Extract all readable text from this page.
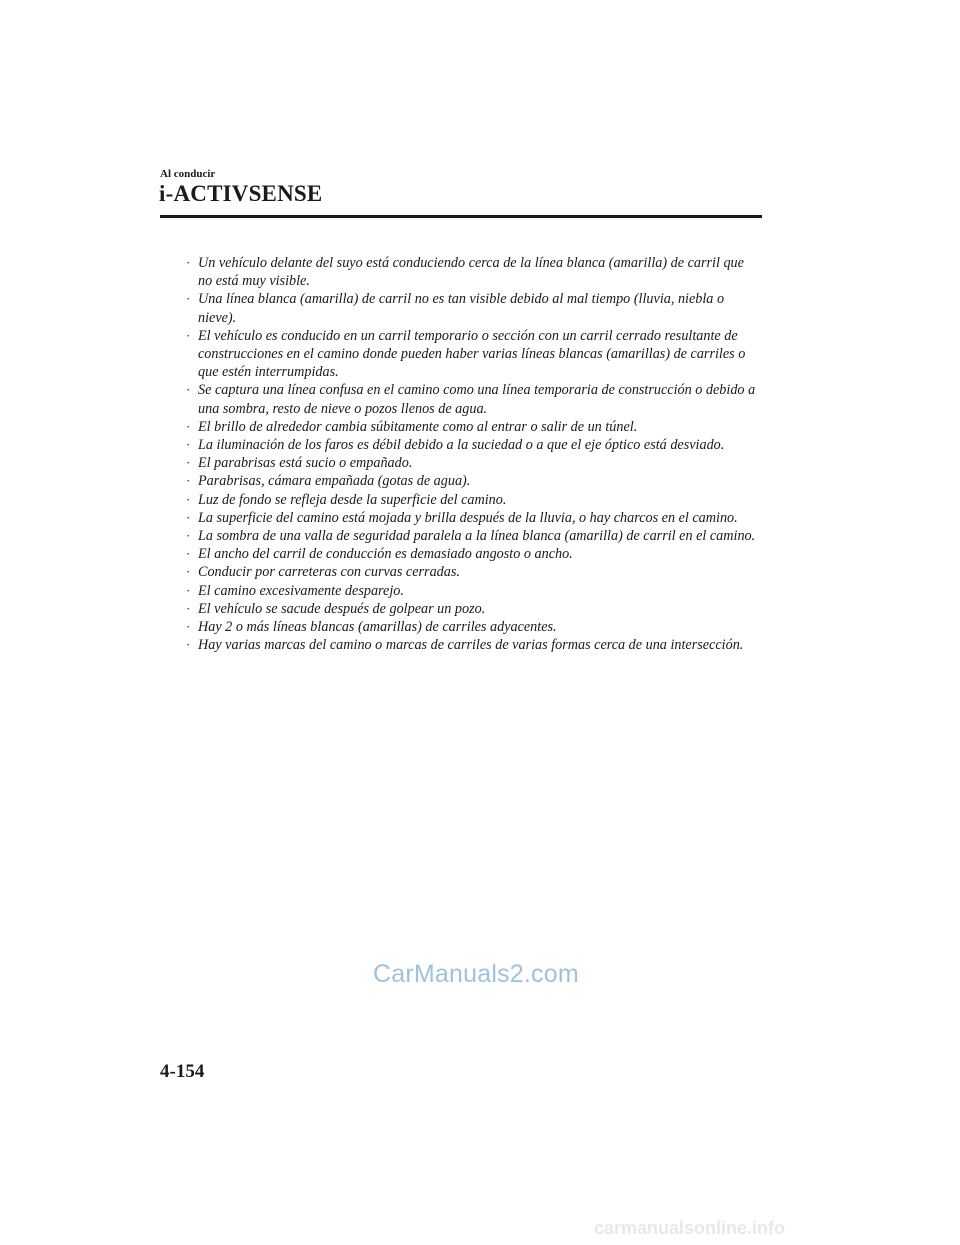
Al conducir

i-ACTIVSENSE
· Un vehículo delante del suyo está conduciendo cerca de la línea blanca (amarilla) de carril que no está muy visible.
· Una línea blanca (amarilla) de carril no es tan visible debido al mal tiempo (lluvia, niebla o nieve).
· El vehículo es conducido en un carril temporario o sección con un carril cerrado resultante de construcciones en el camino donde pueden haber varias líneas blancas (amarillas) de carriles o que estén interrumpidas.
· Se captura una línea confusa en el camino como una línea temporaria de construcción o debido a una sombra, resto de nieve o pozos llenos de agua.
· El brillo de alrededor cambia súbitamente como al entrar o salir de un túnel.
· La iluminación de los faros es débil debido a la suciedad o a que el eje óptico está desviado.
· El parabrisas está sucio o empañado.
· Parabrisas, cámara empañada (gotas de agua).
· Luz de fondo se refleja desde la superficie del camino.
· La superficie del camino está mojada y brilla después de la lluvia, o hay charcos en el camino.
· La sombra de una valla de seguridad paralela a la línea blanca (amarilla) de carril en el camino.
· El ancho del carril de conducción es demasiado angosto o ancho.
· Conducir por carreteras con curvas cerradas.
· El camino excesivamente desparejo.
· El vehículo se sacude después de golpear un pozo.
· Hay 2 o más líneas blancas (amarillas) de carriles adyacentes.
· Hay varias marcas del camino o marcas de carriles de varias formas cerca de una intersección.

CarManuals2.com

4-154

carmanualsonline.info
